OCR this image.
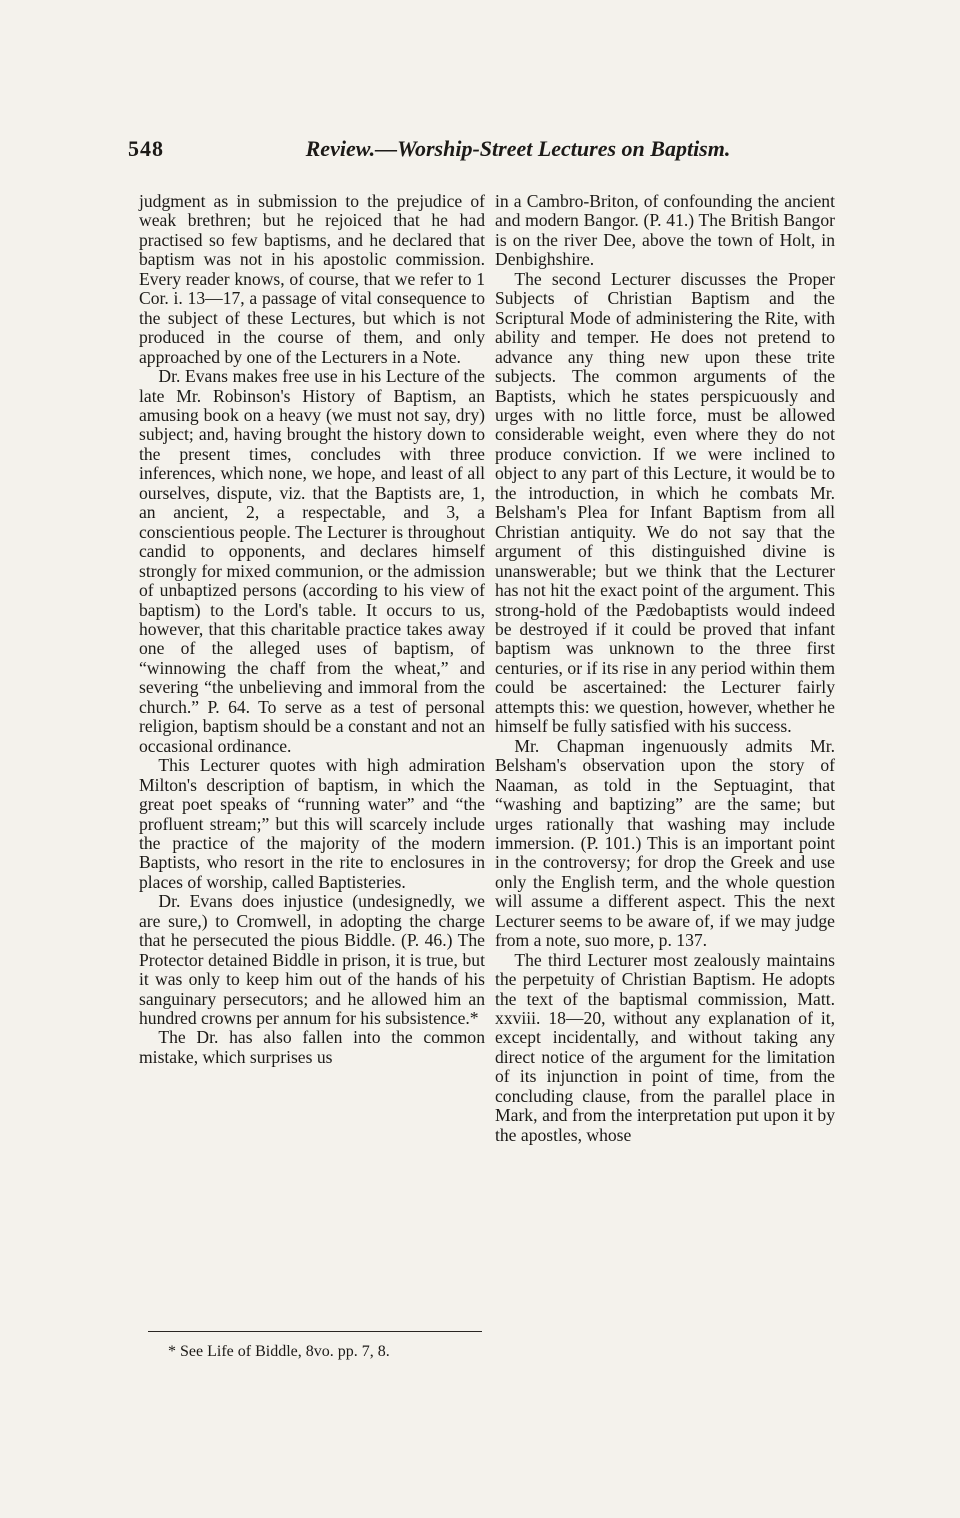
548	Review.—Worship-Street Lectures on Baptism.

judgment as in submission to the prejudice of weak brethren; but he rejoiced that he had practised so few baptisms, and he declared that baptism was not in his apostolic commission. Every reader knows, of course, that we refer to 1 Cor. i. 13—17, a passage of vital consequence to the subject of these Lectures, but which is not produced in the course of them, and only approached by one of the Lecturers in a Note.

Dr. Evans makes free use in his Lecture of the late Mr. Robinson's History of Baptism, an amusing book on a heavy (we must not say, dry) subject; and, having brought the history down to the present times, concludes with three inferences, which none, we hope, and least of all ourselves, dispute, viz. that the Baptists are, 1, an ancient, 2, a respectable, and 3, a conscientious people. The Lecturer is throughout candid to opponents, and declares himself strongly for mixed communion, or the admission of unbaptized persons (according to his view of baptism) to the Lord's table. It occurs to us, however, that this charitable practice takes away one of the alleged uses of baptism, of “winnowing the chaff from the wheat,” and severing “the unbelieving and immoral from the church.” P. 64. To serve as a test of personal religion, baptism should be a constant and not an occasional ordinance.

This Lecturer quotes with high admiration Milton's description of baptism, in which the great poet speaks of “running water” and “the profluent stream;” but this will scarcely include the practice of the majority of the modern Baptists, who resort in the rite to enclosures in places of worship, called Baptisteries.

Dr. Evans does injustice (undesignedly, we are sure,) to Cromwell, in adopting the charge that he persecuted the pious Biddle. (P. 46.) The Protector detained Biddle in prison, it is true, but it was only to keep him out of the hands of his sanguinary persecutors; and he allowed him an hundred crowns per annum for his subsistence.*

The Dr. has also fallen into the common mistake, which surprises us

in a Cambro-Briton, of confounding the ancient and modern Bangor. (P. 41.) The British Bangor is on the river Dee, above the town of Holt, in Denbighshire.

The second Lecturer discusses the Proper Subjects of Christian Baptism and the Scriptural Mode of administering the Rite, with ability and temper. He does not pretend to advance any thing new upon these trite subjects. The common arguments of the Baptists, which he states perspicuously and urges with no little force, must be allowed considerable weight, even where they do not produce conviction. If we were inclined to object to any part of this Lecture, it would be to the introduction, in which he combats Mr. Belsham's Plea for Infant Baptism from all Christian antiquity. We do not say that the argument of this distinguished divine is unanswerable; but we think that the Lecturer has not hit the exact point of the argument. This strong-hold of the Pædobaptists would indeed be destroyed if it could be proved that infant baptism was unknown to the three first centuries, or if its rise in any period within them could be ascertained: the Lecturer fairly attempts this: we question, however, whether he himself be fully satisfied with his success.

Mr. Chapman ingenuously admits Mr. Belsham's observation upon the story of Naaman, as told in the Septuagint, that “washing and baptizing” are the same; but urges rationally that washing may include immersion. (P. 101.) This is an important point in the controversy; for drop the Greek and use only the English term, and the whole question will assume a different aspect. This the next Lecturer seems to be aware of, if we may judge from a note, suo more, p. 137.

The third Lecturer most zealously maintains the perpetuity of Christian Baptism. He adopts the text of the baptismal commission, Matt. xxviii. 18—20, without any explanation of it, except incidentally, and without taking any direct notice of the argument for the limitation of its injunction in point of time, from the concluding clause, from the parallel place in Mark, and from the interpretation put upon it by the apostles, whose

* See Life of Biddle, 8vo. pp. 7, 8.
